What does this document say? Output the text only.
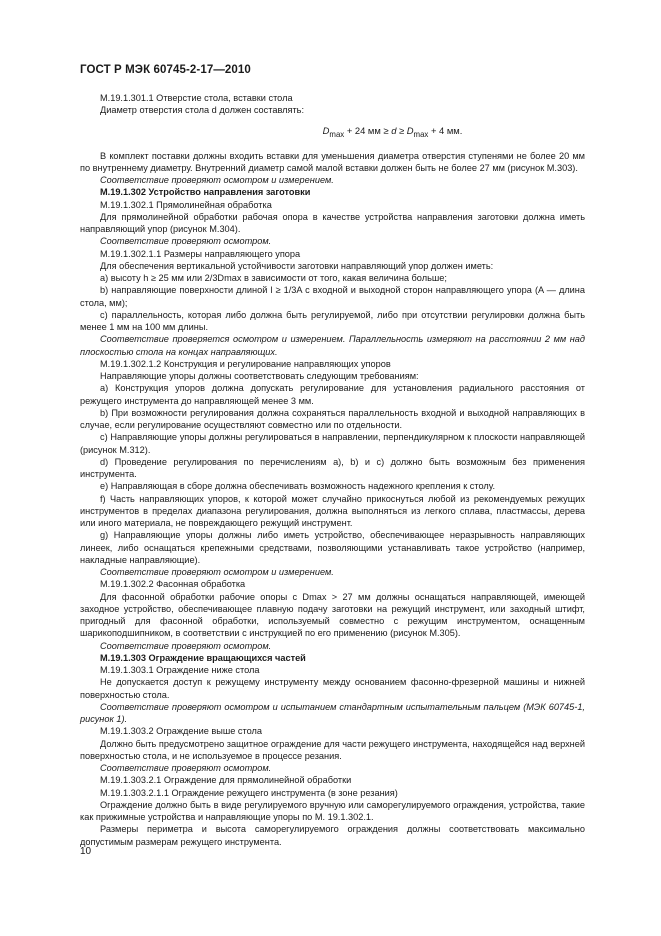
ГОСТ Р МЭК 60745-2-17—2010

М.19.1.301.1 Отверстие стола, вставки стола

Диаметр отверстия стола d должен составлять:

$D_{max} + 24$ мм ≥ $d \ge D_{max} + 4$ мм.

В комплект поставки должны входить вставки для уменьшения диаметра отверстия ступенями не более 20 мм по внутреннему диаметру. Внутренний диаметр самой малой вставки должен быть не более 27 мм (рисунок М.303).

Соответствие проверяют осмотром и измерением.

М.19.1.302 Устройство направления заготовки

М.19.1.302.1 Прямолинейная обработка

Для прямолинейной обработки рабочая опора в качестве устройства направления заготовки должна иметь направляющий упор (рисунок М.304).

Соответствие проверяют осмотром.

М.19.1.302.1.1 Размеры направляющего упора

Для обеспечения вертикальной устойчивости заготовки направляющий упор должен иметь:

a) высоту h ≥ 25 мм или 2/3Dmax в зависимости от того, какая величина больше;

b) направляющие поверхности длиной l ≥ 1/3A с входной и выходной сторон направляющего упора (A — длина стола, мм);

c) параллельность, которая либо должна быть регулируемой, либо при отсутствии регулировки должна быть менее 1 мм на 100 мм длины.

Соответствие проверяется осмотром и измерением. Параллельность измеряют на расстоянии 2 мм над плоскостью стола на концах направляющих.

М.19.1.302.1.2 Конструкция и регулирование направляющих упоров

Направляющие упоры должны соответствовать следующим требованиям:

a) Конструкция упоров должна допускать регулирование для установления радиального расстояния от режущего инструмента до направляющей менее 3 мм.

b) При возможности регулирования должна сохраняться параллельность входной и выходной направляющих в случае, если регулирование осуществляют совместно или по отдельности.

c) Направляющие упоры должны регулироваться в направлении, перпендикулярном к плоскости направляющей (рисунок М.312).

d) Проведение регулирования по перечислениям a), b) и c) должно быть возможным без применения инструмента.

e) Направляющая в сборе должна обеспечивать возможность надежного крепления к столу.

f) Часть направляющих упоров, к которой может случайно прикоснуться любой из рекомендуемых режущих инструментов в пределах диапазона регулирования, должна выполняться из легкого сплава, пластмассы, дерева или иного материала, не повреждающего режущий инструмент.

g) Направляющие упоры должны либо иметь устройство, обеспечивающее неразрывность направляющих линеек, либо оснащаться крепежными средствами, позволяющими устанавливать такое устройство (например, накладные направляющие).

Соответствие проверяют осмотром и измерением.

М.19.1.302.2 Фасонная обработка

Для фасонной обработки рабочие опоры с Dmax > 27 мм должны оснащаться направляющей, имеющей заходное устройство, обеспечивающее плавную подачу заготовки на режущий инструмент, или заходный штифт, пригодный для фасонной обработки, используемый совместно с режущим инструментом, оснащенным шарикоподшипником, в соответствии с инструкцией по его применению (рисунок М.305).

Соответствие проверяют осмотром.

М.19.1.303 Ограждение вращающихся частей

М.19.1.303.1 Ограждение ниже стола

Не допускается доступ к режущему инструменту между основанием фасонно-фрезерной машины и нижней поверхностью стола.

Соответствие проверяют осмотром и испытанием стандартным испытательным пальцем (МЭК 60745-1, рисунок 1).

М.19.1.303.2 Ограждение выше стола

Должно быть предусмотрено защитное ограждение для части режущего инструмента, находящейся над верхней поверхностью стола, и не используемое в процессе резания.

Соответствие проверяют осмотром.

М.19.1.303.2.1 Ограждение для прямолинейной обработки

М.19.1.303.2.1.1 Ограждение режущего инструмента (в зоне резания)

Ограждение должно быть в виде регулируемого вручную или саморегулируемого ограждения, устройства, такие как прижимные устройства и направляющие упоры по М. 19.1.302.1.

Размеры периметра и высота саморегулируемого ограждения должны соответствовать максимально допустимым размерам режущего инструмента.

10
